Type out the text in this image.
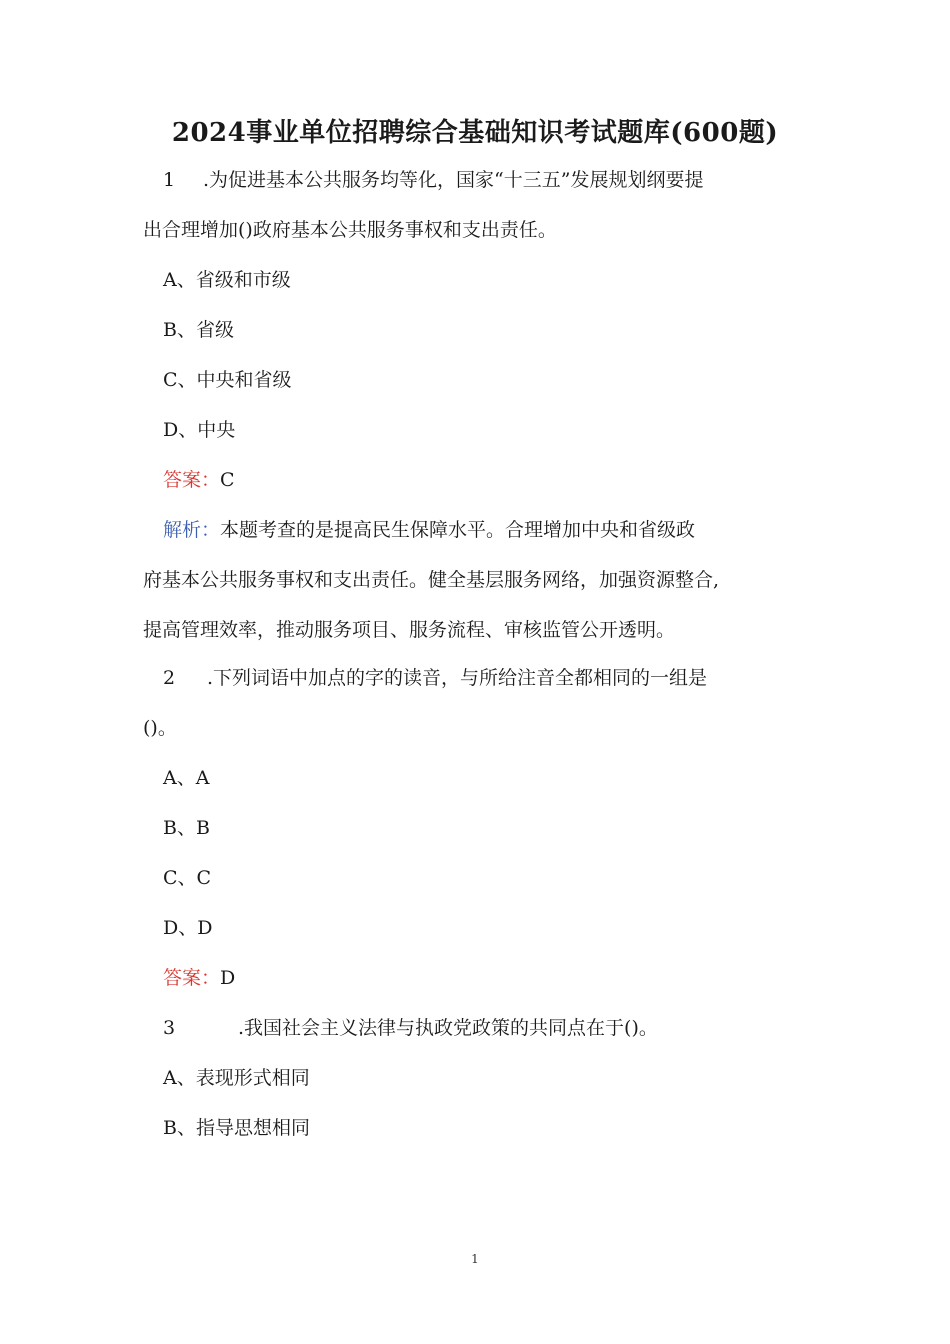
2024事业单位招聘综合基础知识考试题库(600题)
1 .为促进基本公共服务均等化，国家“十三五”发展规划纲要提
出合理增加()政府基本公共服务事权和支出责任。
A、省级和市级
B、省级
C、中央和省级
D、中央
答案：C
解析：本题考查的是提高民生保障水平。合理增加中央和省级政
府基本公共服务事权和支出责任。健全基层服务网络，加强资源整合,
提高管理效率，推动服务项目、服务流程、审核监管公开透明。
2 .下列词语中加点的字的读音，与所给注音全都相同的一组是
()。
A、A
B、B
C、C
D、D
答案：D
3	.我国社会主义法律与执政党政策的共同点在于()。
A、表现形式相同
B、指导思想相同
1
